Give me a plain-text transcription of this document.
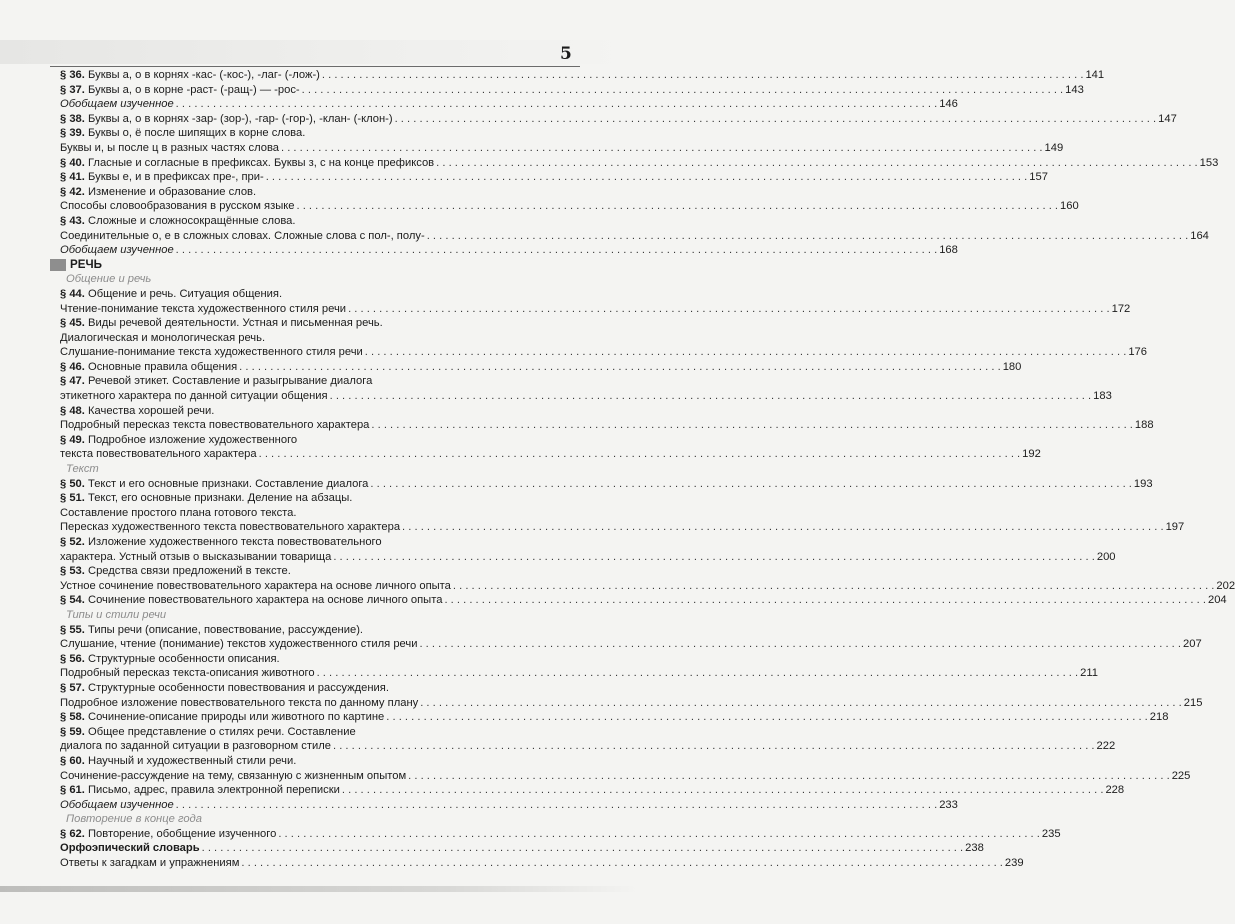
5
§ 36. Буквы а, о в корнях -кас- (-кос-), -лаг- (-лож-) . . .	141
§ 37. Буквы а, о в корне -раст- (-ращ-) — -рос- . . .	143
Обобщаем изученное . . .	146
§ 38. Буквы а, о в корнях -зар- (зор-), -гар- (-гор-), -клан- (-клон-) . . .	147
§ 39. Буквы о, ё после шипящих в корне слова.
Буквы и, ы после ц в разных частях слова . . .	149
§ 40. Гласные и согласные в префиксах. Буквы з, с на конце префиксов . . .	153
§ 41. Буквы е, и в префиксах пре-, при- . . .	157
§ 42. Изменение и образование слов.
Способы словообразования в русском языке . . .	160
§ 43. Сложные и сложносокращённые слова.
Соединительные о, е в сложных словах. Сложные слова с пол-, полу- . . .	164
Обобщаем изученное . . .	168
РЕЧЬ
Общение и речь
§ 44. Общение и речь. Ситуация общения.
Чтение-понимание текста художественного стиля речи . . .	172
§ 45. Виды речевой деятельности. Устная и письменная речь.
Диалогическая и монологическая речь.
Слушание-понимание текста художественного стиля речи . . .	176
§ 46. Основные правила общения . . .	180
§ 47. Речевой этикет. Составление и разыгрывание диалога
этикетного характера по данной ситуации общения . . .	183
§ 48. Качества хорошей речи.
Подробный пересказ текста повествовательного характера . . .	188
§ 49. Подробное изложение художественного
текста повествовательного характера . . .	192
Текст
§ 50. Текст и его основные признаки. Составление диалога . . .	193
§ 51. Текст, его основные признаки. Деление на абзацы.
Составление простого плана готового текста.
Пересказ художественного текста повествовательного характера . . .	197
§ 52. Изложение художественного текста повествовательного
характера. Устный отзыв о высказывании товарища . . .	200
§ 53. Средства связи предложений в тексте.
Устное сочинение повествовательного характера на основе личного опыта . . .	202
§ 54. Сочинение повествовательного характера на основе личного опыта . . .	204
Типы и стили речи
§ 55. Типы речи (описание, повествование, рассуждение).
Слушание, чтение (понимание) текстов художественного стиля речи . . .	207
§ 56. Структурные особенности описания.
Подробный пересказ текста-описания животного . . .	211
§ 57. Структурные особенности повествования и рассуждения.
Подробное изложение повествовательного текста по данному плану . . .	215
§ 58. Сочинение-описание природы или животного по картине . . .	218
§ 59. Общее представление о стилях речи. Составление
диалога по заданной ситуации в разговорном стиле . . .	222
§ 60. Научный и художественный стили речи.
Сочинение-рассуждение на тему, связанную с жизненным опытом . . .	225
§ 61. Письмо, адрес, правила электронной переписки . . .	228
Обобщаем изученное . . .	233
Повторение в конце года
§ 62. Повторение, обобщение изученного . . .	235
Орфоэпический словарь . . .	238
Ответы к загадкам и упражнениям . . .	239
